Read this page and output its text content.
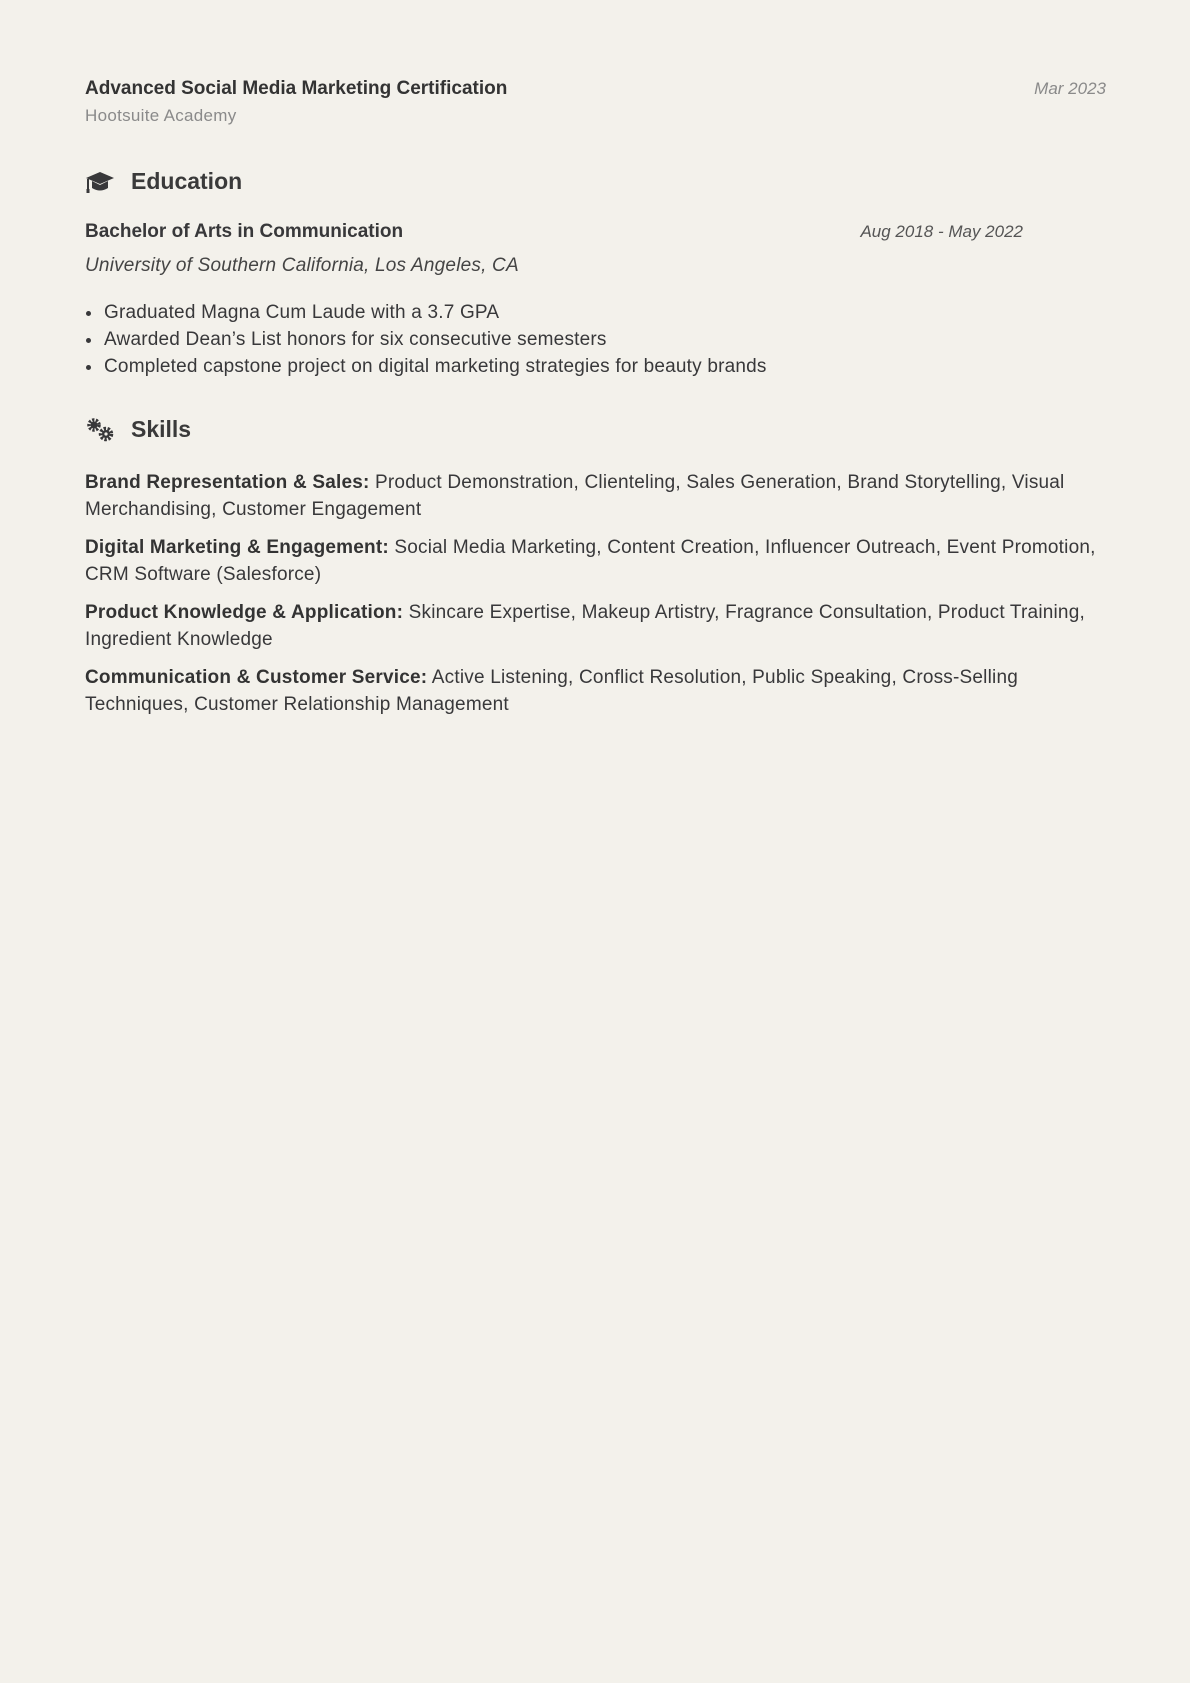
Advanced Social Media Marketing Certification	Mar 2023
Hootsuite Academy
Education
Bachelor of Arts in Communication	Aug 2018 - May 2022
University of Southern California, Los Angeles, CA
• Graduated Magna Cum Laude with a 3.7 GPA
• Awarded Dean’s List honors for six consecutive semesters
• Completed capstone project on digital marketing strategies for beauty brands
Skills
Brand Representation & Sales: Product Demonstration, Clienteling, Sales Generation, Brand Storytelling, Visual Merchandising, Customer Engagement
Digital Marketing & Engagement: Social Media Marketing, Content Creation, Influencer Outreach, Event Promotion, CRM Software (Salesforce)
Product Knowledge & Application: Skincare Expertise, Makeup Artistry, Fragrance Consultation, Product Training, Ingredient Knowledge
Communication & Customer Service: Active Listening, Conflict Resolution, Public Speaking, Cross-Selling Techniques, Customer Relationship Management
